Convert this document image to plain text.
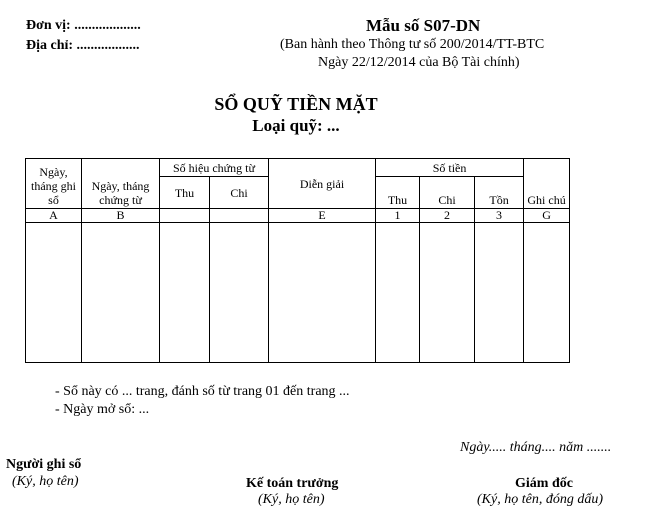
Đơn vị: ...................
Địa chỉ: ..................
Mẫu số S07-DN
(Ban hành theo Thông tư số 200/2014/TT-BTC
Ngày 22/12/2014 của Bộ Tài chính)
SỔ QUỸ TIỀN MẶT
Loại quỹ: ...
Ngày, tháng ghi sổ	Ngày, tháng chứng từ	Số hiệu chứng từ		Diễn giải	Số tiền			Ghi chú
		Thu	Chi		Thu	Chi	Tồn	
A	B			E	1	2	3	G

- Sổ này có ... trang, đánh số từ trang 01 đến trang ...
- Ngày mở sổ: ...
Ngày..... tháng.... năm .......
Người ghi sổ
(Ký, họ tên)	Kế toán trưởng
(Ký, họ tên)
Giám đốc
(Ký, họ tên, đóng dấu)
